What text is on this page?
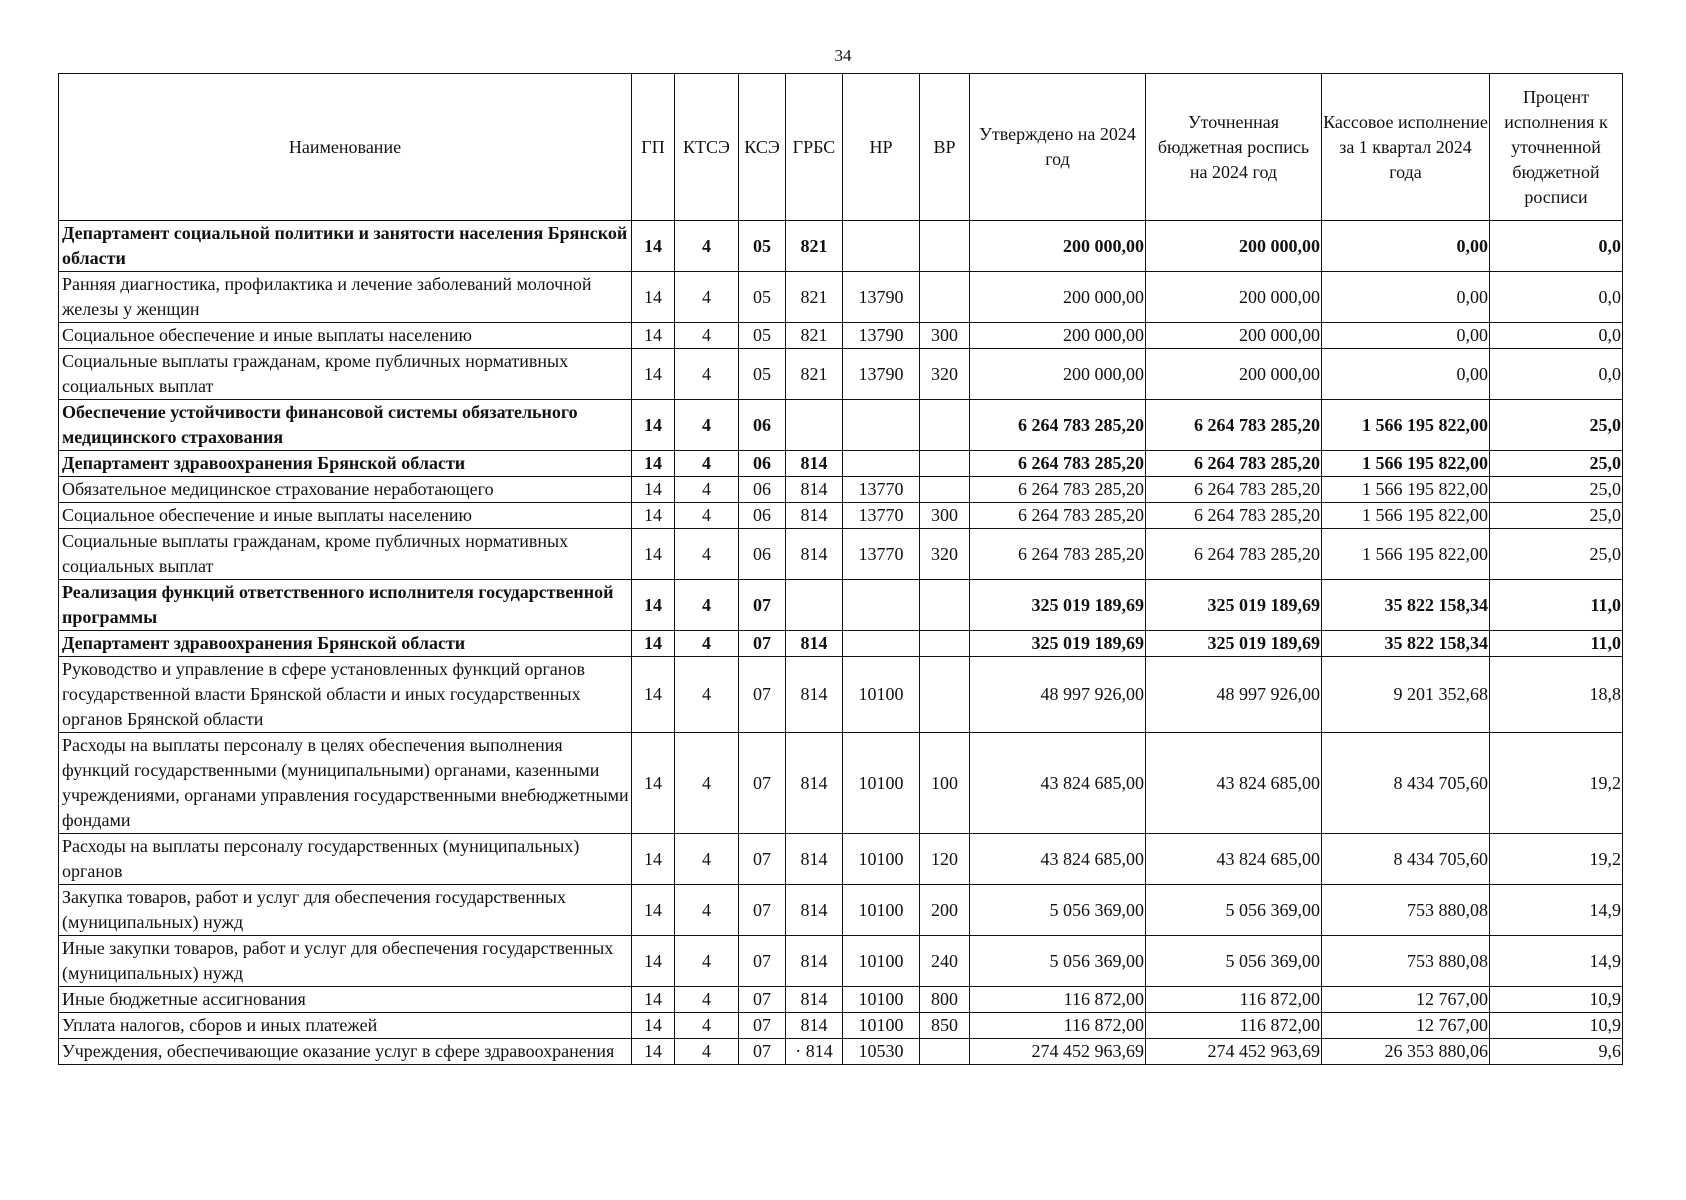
34
Наименование	ГП	КТСЭ	КСЭ	ГРБС	НР	ВР	Утверждено на 2024 год	Уточненная бюджетная роспись на 2024 год	Кассовое исполнение за 1 квартал 2024 года	Процент исполнения к уточненной бюджетной росписи
Департамент социальной политики и занятости населения Брянской области	14	4	05	821			200 000,00	200 000,00	0,00	0,0
Ранняя диагностика, профилактика и лечение заболеваний молочной железы у женщин	14	4	05	821	13790		200 000,00	200 000,00	0,00	0,0
Социальное обеспечение и иные выплаты населению	14	4	05	821	13790	300	200 000,00	200 000,00	0,00	0,0
Социальные выплаты гражданам, кроме публичных нормативных социальных выплат	14	4	05	821	13790	320	200 000,00	200 000,00	0,00	0,0
Обеспечение устойчивости финансовой системы обязательного медицинского страхования	14	4	06				6 264 783 285,20	6 264 783 285,20	1 566 195 822,00	25,0
Департамент здравоохранения Брянской области	14	4	06	814			6 264 783 285,20	6 264 783 285,20	1 566 195 822,00	25,0
Обязательное медицинское страхование неработающего	14	4	06	814	13770		6 264 783 285,20	6 264 783 285,20	1 566 195 822,00	25,0
Социальное обеспечение и иные выплаты населению	14	4	06	814	13770	300	6 264 783 285,20	6 264 783 285,20	1 566 195 822,00	25,0
Социальные выплаты гражданам, кроме публичных нормативных социальных выплат	14	4	06	814	13770	320	6 264 783 285,20	6 264 783 285,20	1 566 195 822,00	25,0
Реализация функций ответственного исполнителя государственной программы	14	4	07				325 019 189,69	325 019 189,69	35 822 158,34	11,0
Департамент здравоохранения Брянской области	14	4	07	814			325 019 189,69	325 019 189,69	35 822 158,34	11,0
Руководство и управление в сфере установленных функций органов государственной власти Брянской области и иных государственных органов Брянской области	14	4	07	814	10100		48 997 926,00	48 997 926,00	9 201 352,68	18,8
Расходы на выплаты персоналу в целях обеспечения выполнения функций государственными (муниципальными) органами, казенными учреждениями, органами управления государственными внебюджетными фондами	14	4	07	814	10100	100	43 824 685,00	43 824 685,00	8 434 705,60	19,2
Расходы на выплаты персоналу государственных (муниципальных) органов	14	4	07	814	10100	120	43 824 685,00	43 824 685,00	8 434 705,60	19,2
Закупка товаров, работ и услуг для обеспечения государственных (муниципальных) нужд	14	4	07	814	10100	200	5 056 369,00	5 056 369,00	753 880,08	14,9
Иные закупки товаров, работ и услуг для обеспечения государственных (муниципальных) нужд	14	4	07	814	10100	240	5 056 369,00	5 056 369,00	753 880,08	14,9
Иные бюджетные ассигнования	14	4	07	814	10100	800	116 872,00	116 872,00	12 767,00	10,9
Уплата налогов, сборов и иных платежей	14	4	07	814	10100	850	116 872,00	116 872,00	12 767,00	10,9
Учреждения, обеспечивающие оказание услуг в сфере здравоохранения	14	4	07	· 814	10530		274 452 963,69	274 452 963,69	26 353 880,06	9,6
